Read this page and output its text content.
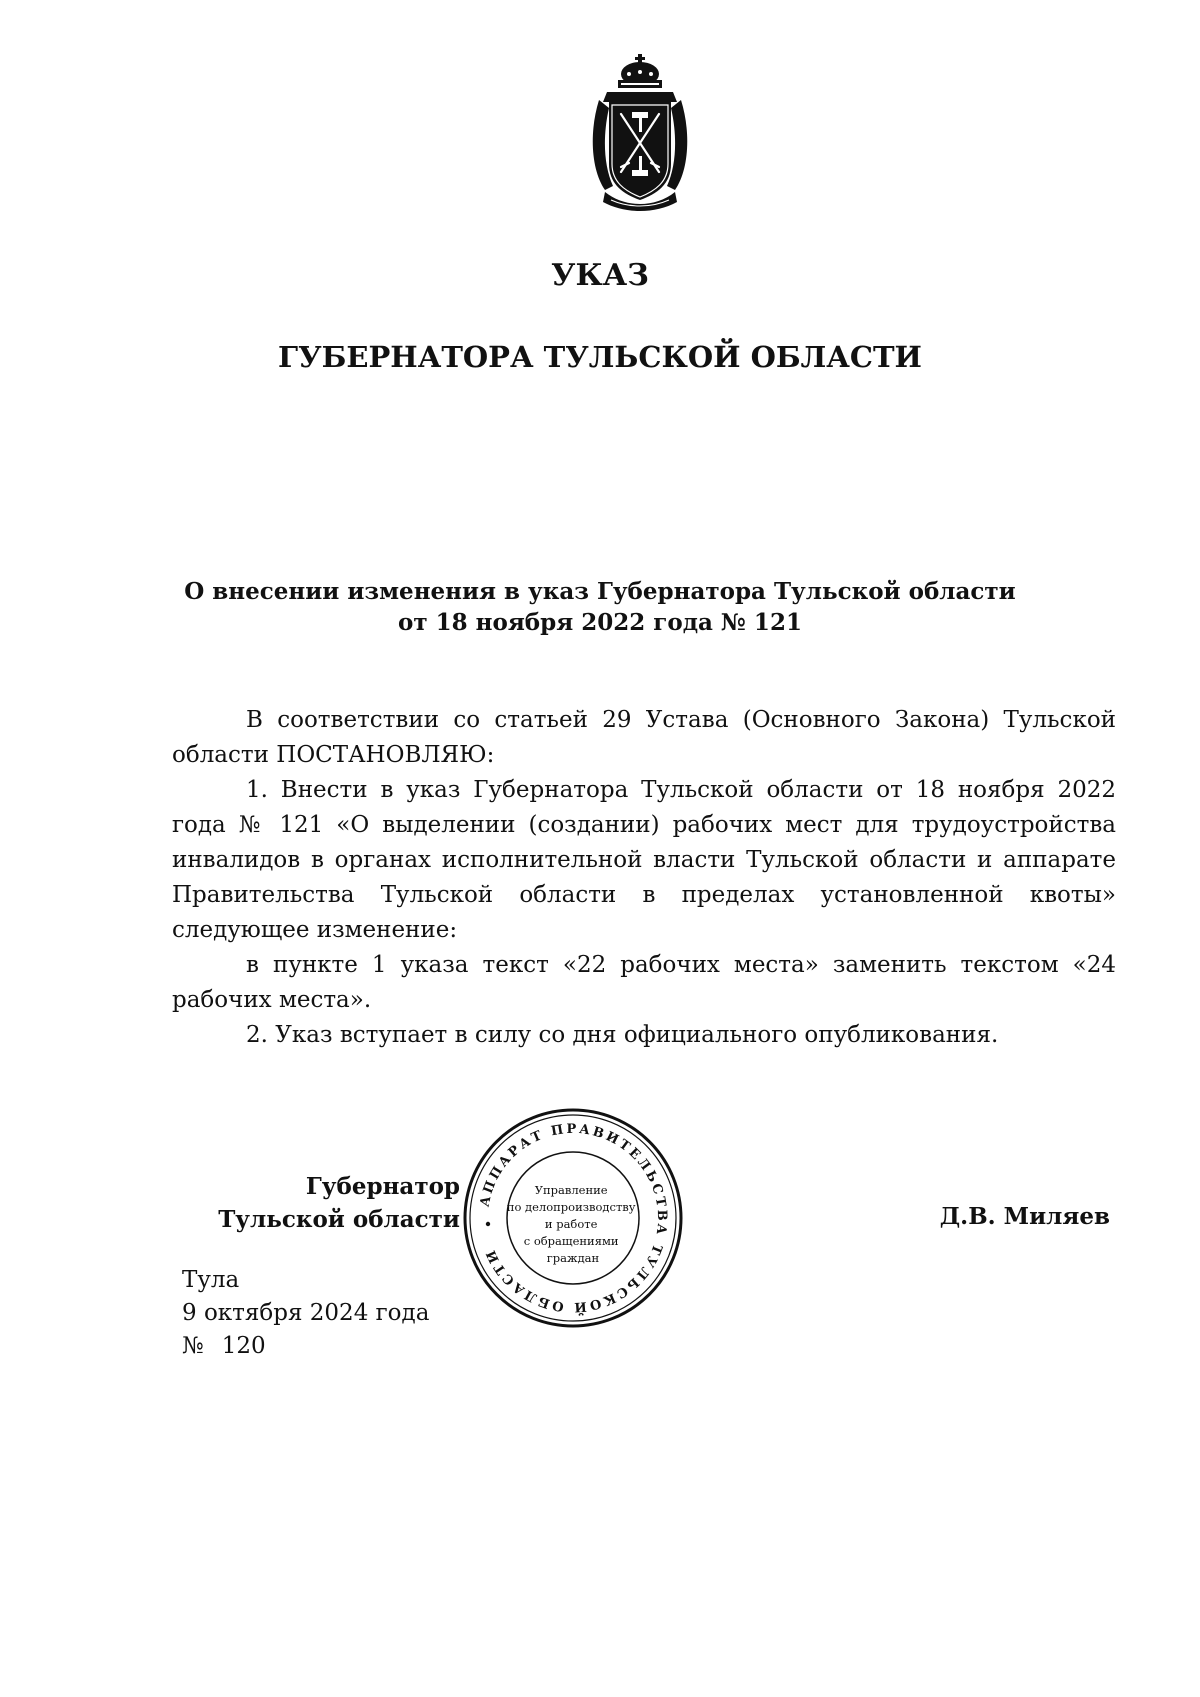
УКАЗ
ГУБЕРНАТОРА ТУЛЬСКОЙ ОБЛАСТИ
О внесении изменения в указ Губернатора Тульской области
от 18 ноября 2022 года № 121

В соответствии со статьей 29 Устава (Основного Закона) Тульской области ПОСТАНОВЛЯЮ:

1. Внести в указ Губернатора Тульской области от 18 ноября 2022 года № 121 «О выделении (создании) рабочих мест для трудоустройства инвалидов в органах исполнительной власти Тульской области и аппарате Правительства Тульской области в пределах установленной квоты» следующее изменение:

в пункте 1 указа текст «22 рабочих места» заменить текстом «24 рабочих места».

2. Указ вступает в силу со дня официального опубликования.

Губернатор
Тульской области	Д.В. Миляев
Тула
9 октября 2024 года
№ 120
АППАРАТ ПРАВИТЕЛЬСТВА ТУЛЬСКОЙ ОБЛАСТИ
Управление по делопроизводству и работе с обращениями граждан
